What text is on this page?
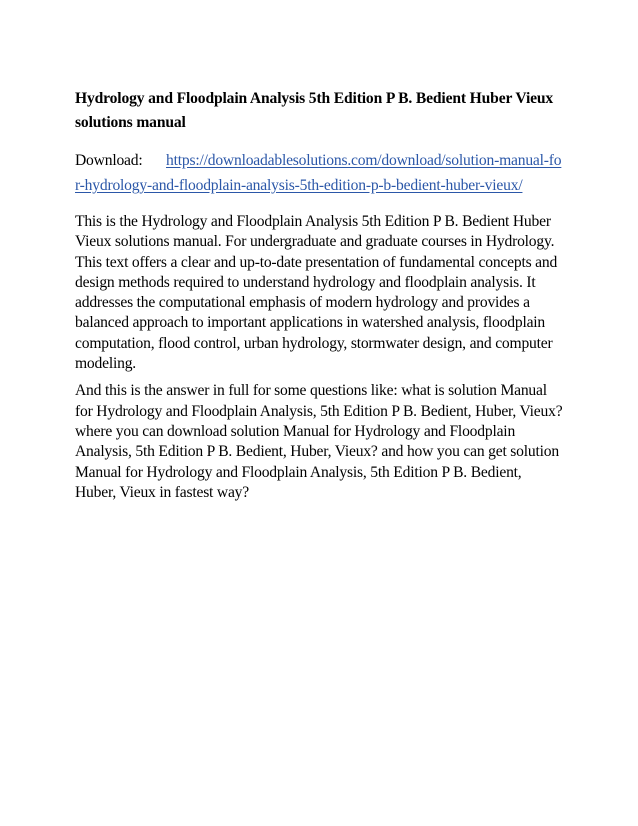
Hydrology and Floodplain Analysis 5th Edition P B. Bedient Huber Vieux solutions manual
Download: https://downloadablesolutions.com/download/solution-manual-for-hydrology-and-floodplain-analysis-5th-edition-p-b-bedient-huber-vieux/

This is the Hydrology and Floodplain Analysis 5th Edition P B. Bedient Huber Vieux solutions manual. For undergraduate and graduate courses in Hydrology. This text offers a clear and up-to-date presentation of fundamental concepts and design methods required to understand hydrology and floodplain analysis. It addresses the computational emphasis of modern hydrology and provides a balanced approach to important applications in watershed analysis, floodplain computation, flood control, urban hydrology, stormwater design, and computer modeling.

And this is the answer in full for some questions like: what is solution Manual for Hydrology and Floodplain Analysis, 5th Edition P B. Bedient, Huber, Vieux? where you can download solution Manual for Hydrology and Floodplain Analysis, 5th Edition P B. Bedient, Huber, Vieux? and how you can get solution Manual for Hydrology and Floodplain Analysis, 5th Edition P B. Bedient, Huber, Vieux in fastest way?
